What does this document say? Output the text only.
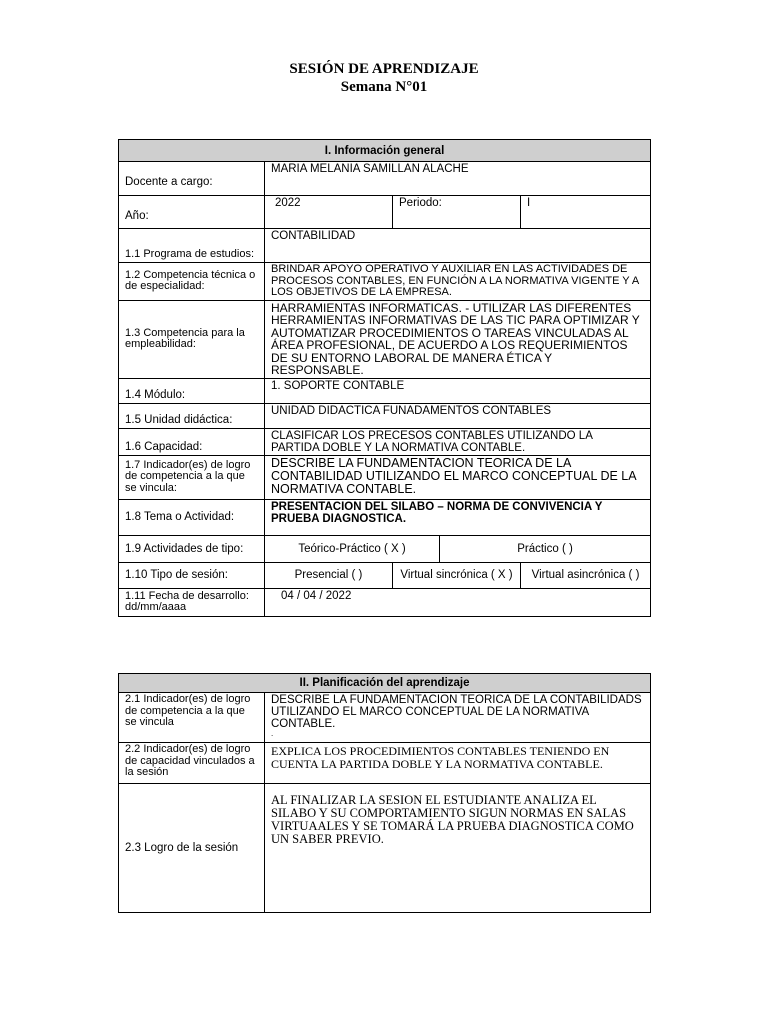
SESIÓN DE APRENDIZAJE
Semana N°01
I. Información general				
Docente a cargo:	MARIA MELANIA SAMILLAN ALACHE			
Año:	2022	Periodo:		I
1.1 Programa de estudios:	CONTABILIDAD			
1.2 Competencia técnica o de especialidad:	BRINDAR APOYO OPERATIVO Y AUXILIAR EN LAS ACTIVIDADES DE PROCESOS CONTABLES, EN FUNCIÓN A LA NORMATIVA VIGENTE Y A LOS OBJETIVOS DE LA EMPRESA.			
1.3 Competencia para la empleabilidad:	HARRAMIENTAS INFORMATICAS. - UTILIZAR LAS DIFERENTES HERRAMIENTAS INFORMATIVAS DE LAS TIC PARA OPTIMIZAR Y AUTOMATIZAR PROCEDIMIENTOS O TAREAS VINCULADAS AL ÁREA PROFESIONAL, DE ACUERDO A LOS REQUERIMIENTOS DE SU ENTORNO LABORAL DE MANERA ÉTICA Y RESPONSABLE.			
1.4 Módulo:	1. SOPORTE CONTABLE			
1.5 Unidad didáctica:	UNIDAD DIDACTICA FUNADAMENTOS CONTABLES			
1.6 Capacidad:	CLASIFICAR LOS PRECESOS CONTABLES UTILIZANDO LA PARTIDA DOBLE Y LA NORMATIVA CONTABLE.			
1.7 Indicador(es) de logro de competencia a la que se vincula:	DESCRIBE LA FUNDAMENTACION TEORICA DE LA CONTABILIDAD UTILIZANDO EL MARCO CONCEPTUAL DE LA NORMATIVA CONTABLE.			
1.8 Tema o Actividad:	PRESENTACION DEL SILABO – NORMA DE CONVIVENCIA Y PRUEBA DIAGNOSTICA.			
1.9 Actividades de tipo:	Teórico-Práctico ( X )		Práctico ( )	
1.10 Tipo de sesión:	Presencial ( )	Virtual sincrónica ( X )		Virtual asincrónica ( )
1.11 Fecha de desarrollo: dd/mm/aaaa	04 / 04 / 2022			
II. Planificación del aprendizaje	
2.1 Indicador(es) de logro de competencia a la que se vincula	DESCRIBE LA FUNDAMENTACION TEORICA DE LA CONTABILIDADS UTILIZANDO EL MARCO CONCEPTUAL DE LA NORMATIVA CONTABLE.
.

2.2 Indicador(es) de logro de capacidad vinculados a la sesión	EXPLICA LOS PROCEDIMIENTOS CONTABLES TENIENDO EN CUENTA LA PARTIDA DOBLE Y LA NORMATIVA CONTABLE.
2.3 Logro de la sesión	AL FINALIZAR LA SESION EL ESTUDIANTE ANALIZA EL SILABO Y SU COMPORTAMIENTO SIGUN NORMAS EN SALAS VIRTUAALES Y SE TOMARÁ LA PRUEBA DIAGNOSTICA COMO UN SABER PREVIO.
